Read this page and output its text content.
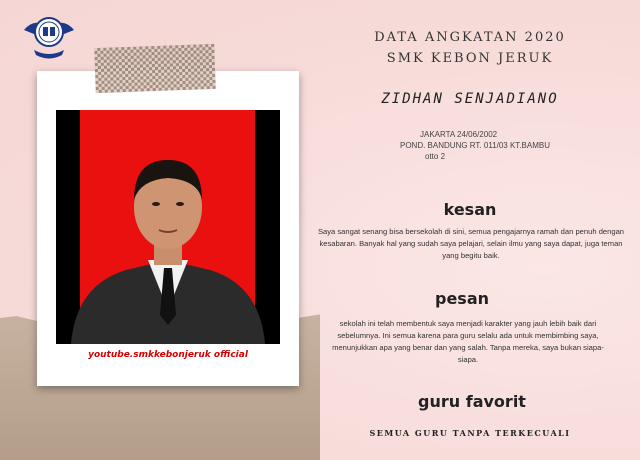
DATA ANGKATAN 2020
SMK KEBON JERUK
youtube.smkkebonjeruk official
ZIDHAN SENJADIANO
JAKARTA 24/06/2002
POND. BANDUNG RT. 011/03 KT.BAMBU
otto 2
kesan
Saya sangat senang bisa bersekolah di sini, semua pengajarnya ramah dan penuh dengan kesabaran. Banyak hal yang sudah saya pelajari, selain ilmu yang saya dapat, juga teman yang begitu baik.
pesan
sekolah ini telah membentuk saya menjadi karakter yang jauh lebih baik dari sebelumnya. Ini semua karena para guru selalu ada untuk membimbing saya, menunjukkan apa yang benar dan yang salah. Tanpa mereka, saya bukan siapa-siapa.
guru favorit
SEMUA GURU TANPA TERKECUALI
